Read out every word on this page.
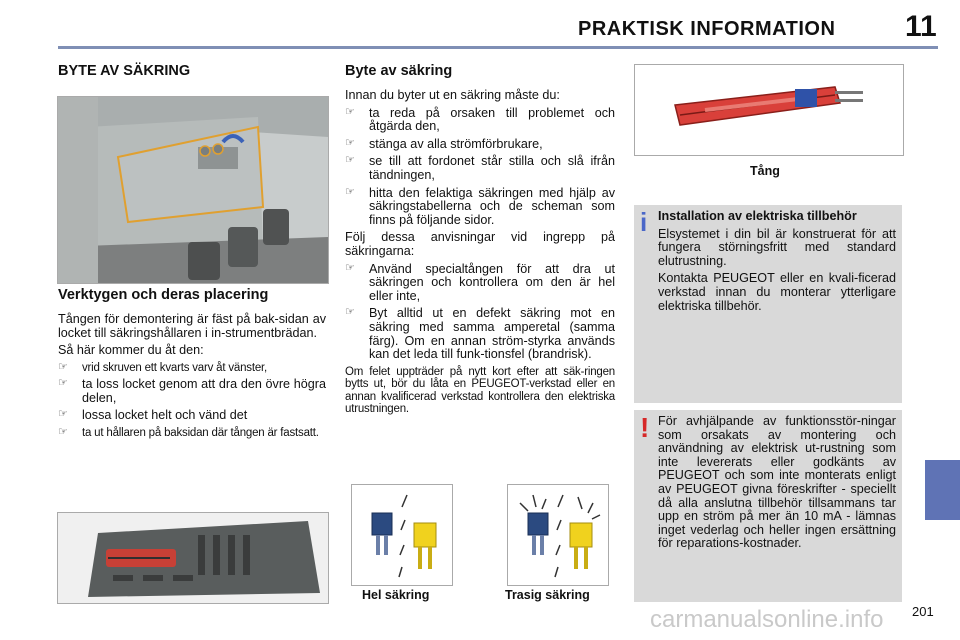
PRAKTISK INFORMATION 11
BYTE AV SÄKRING
Verktygen och deras placering

Tången för demontering är fäst på bak-sidan av locket till säkringshållaren i in-strumentbrädan.

Så här kommer du åt den:

☞ vrid skruven ett kvarts varv åt vänster,
☞ ta loss locket genom att dra den övre högra delen,
☞ lossa locket helt och vänd det
☞ ta ut hållaren på baksidan där tången är fastsatt.
Byte av säkring

Innan du byter ut en säkring måste du:

☞ ta reda på orsaken till problemet och åtgärda den,
☞ stänga av alla strömförbrukare,
☞ se till att fordonet står stilla och slå ifrån tändningen,
☞ hitta den felaktiga säkringen med hjälp av säkringstabellerna och de scheman som finns på följande sidor.

Följ dessa anvisningar vid ingrepp på säkringarna:

☞ Använd specialtången för att dra ut säkringen och kontrollera om den är hel eller inte,
☞ Byt alltid ut en defekt säkring mot en säkring med samma amperetal (samma färg). Om en annan ström-styrka används kan det leda till funk-tionsfel (brandrisk).

Om felet uppträder på nytt kort efter att säk-ringen bytts ut, bör du låta en PEUGEOT-verkstad eller en annan kvalificerad verkstad kontrollera den elektriska utrustningen.

Hel säkring	Trasig säkring
Tång
i Installation av elektriska tillbehör

Elsystemet i din bil är konstruerat för att fungera störningsfritt med standard elutrustning.

Kontakta PEUGEOT eller en kvali-ficerad verkstad innan du monterar ytterligare elektriska tillbehör.

! För avhjälpande av funktionsstör-ningar som orsakats av montering och användning av elektrisk ut-rustning som inte levererats eller godkänts av PEUGEOT och som inte monterats enligt av PEUGEOT givna föreskrifter - speciellt då alla anslutna tillbehör tillsammans tar upp en ström på mer än 10 mA - lämnas inget vederlag och heller ingen ersättning för reparations-kostnader.
201
carmanualsonline.info
